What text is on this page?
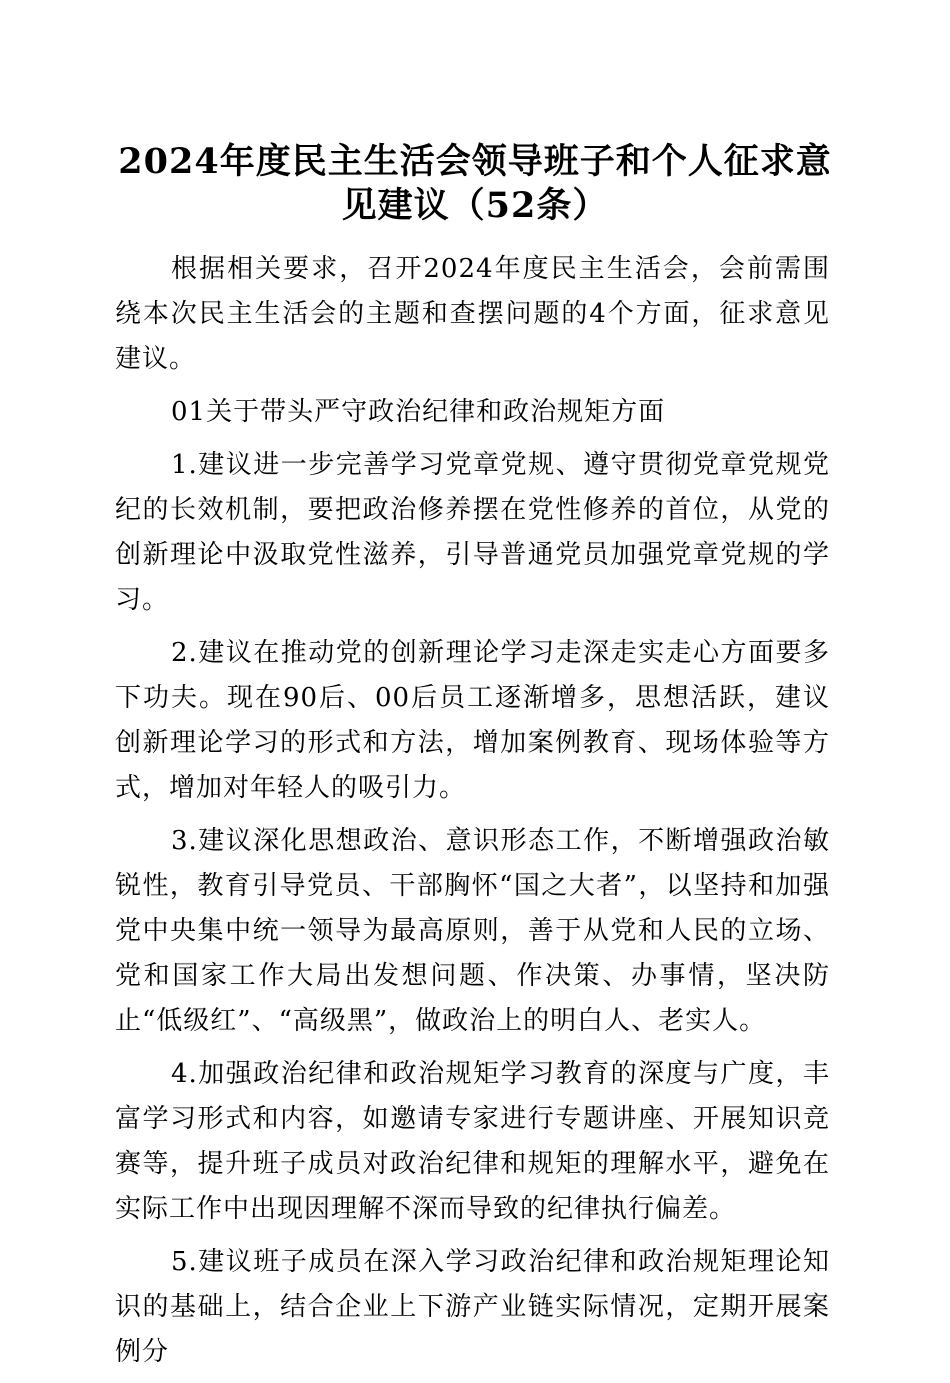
2024年度民主生活会领导班子和个人征求意
见建议（52条）

根据相关要求，召开2024年度民主生活会，会前需围绕本次民主生活会的主题和查摆问题的4个方面，征求意见建议。

01关于带头严守政治纪律和政治规矩方面

1.建议进一步完善学习党章党规、遵守贯彻党章党规党纪的长效机制，要把政治修养摆在党性修养的首位，从党的创新理论中汲取党性滋养，引导普通党员加强党章党规的学习。

2.建议在推动党的创新理论学习走深走实走心方面要多下功夫。现在90后、00后员工逐渐增多，思想活跃，建议创新理论学习的形式和方法，增加案例教育、现场体验等方式，增加对年轻人的吸引力。

3.建议深化思想政治、意识形态工作，不断增强政治敏锐性，教育引导党员、干部胸怀“国之大者”，以坚持和加强党中央集中统一领导为最高原则，善于从党和人民的立场、党和国家工作大局出发想问题、作决策、办事情，坚决防止“低级红”、“高级黑”，做政治上的明白人、老实人。

4.加强政治纪律和政治规矩学习教育的深度与广度，丰富学习形式和内容，如邀请专家进行专题讲座、开展知识竞赛等，提升班子成员对政治纪律和规矩的理解水平，避免在实际工作中出现因理解不深而导致的纪律执行偏差。

5.建议班子成员在深入学习政治纪律和政治规矩理论知识的基础上，结合企业上下游产业链实际情况，定期开展案例分
